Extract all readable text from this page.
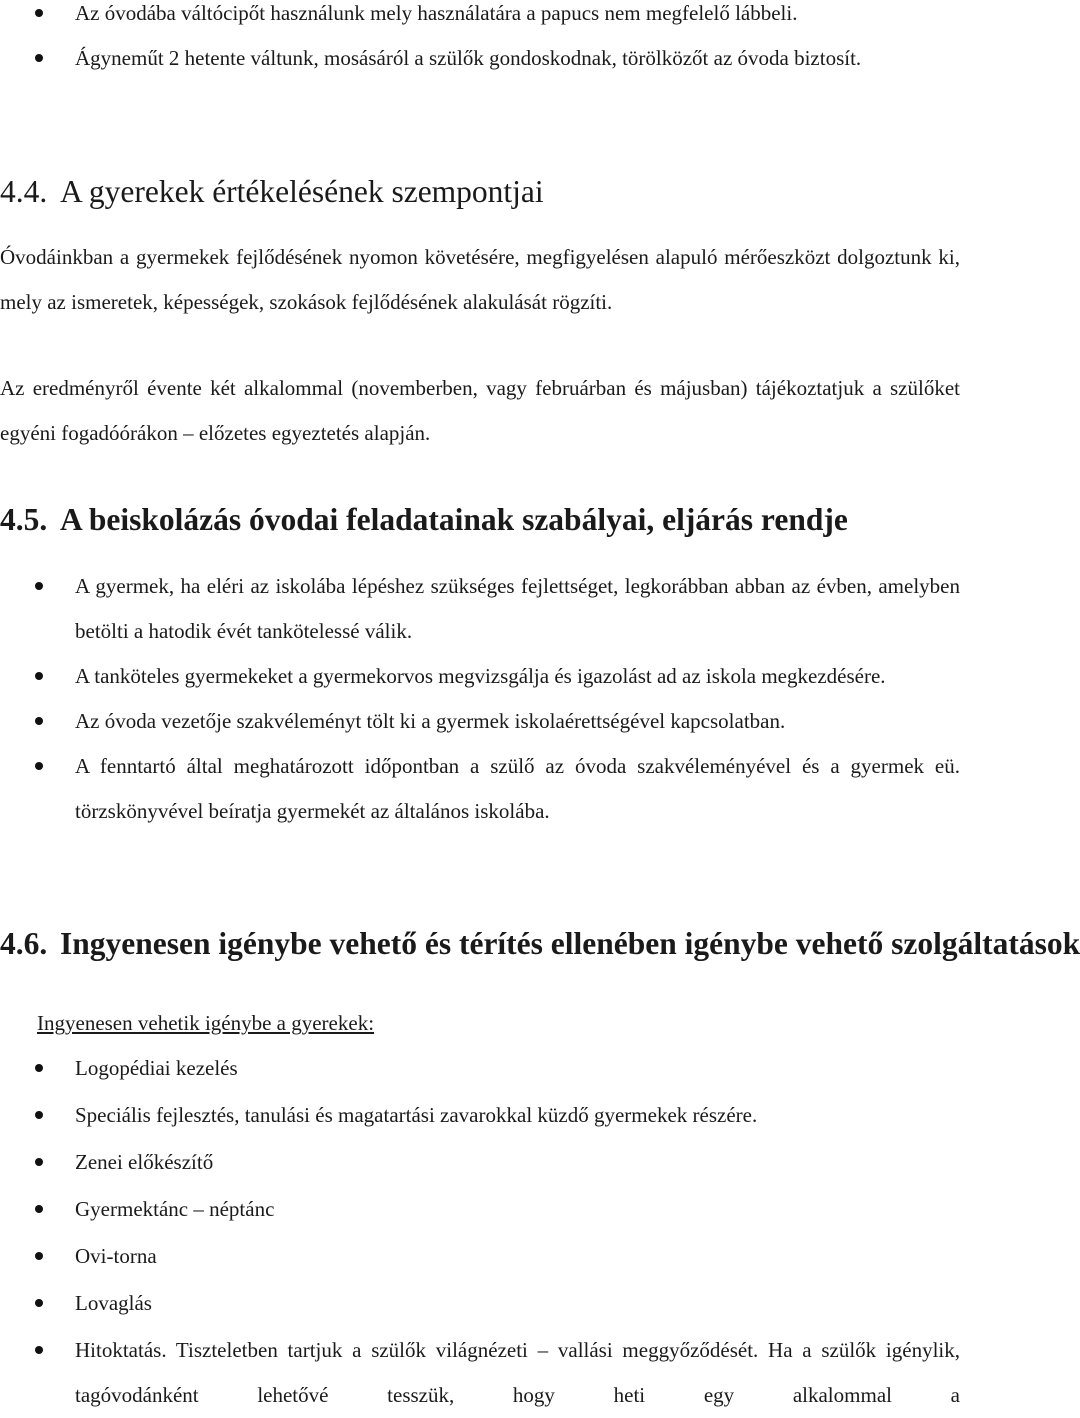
Az óvodába váltócipőt használunk mely használatára a papucs nem megfelelő lábbeli.
Ágyneműt 2 hetente váltunk, mosásáról a szülők gondoskodnak, törölközőt az óvoda biztosít.
4.4. A gyerekek értékelésének szempontjai

Óvodáinkban a gyermekek fejlődésének nyomon követésére, megfigyelésen alapuló mérőeszközt dolgoztunk ki, mely az ismeretek, képességek, szokások fejlődésének alakulását rögzíti.

Az eredményről évente két alkalommal (novemberben, vagy februárban és májusban) tájékoztatjuk a szülőket egyéni fogadóórákon – előzetes egyeztetés alapján.

4.5. A beiskolázás óvodai feladatainak szabályai, eljárás rendje
A gyermek, ha eléri az iskolába lépéshez szükséges fejlettséget, legkorábban abban az évben, amelyben betölti a hatodik évét tankötelessé válik.
A tanköteles gyermekeket a gyermekorvos megvizsgálja és igazolást ad az iskola megkezdésére.
Az óvoda vezetője szakvéleményt tölt ki a gyermek iskolaérettségével kapcsolatban.
A fenntartó által meghatározott időpontban a szülő az óvoda szakvéleményével és a gyermek eü. törzskönyvével beíratja gyermekét az általános iskolába.
4.6. Ingyenesen igénybe vehető és térítés ellenében igénybe vehető szolgáltatások

Ingyenesen vehetik igénybe a gyerekek:

Logopédiai kezelés
Speciális fejlesztés, tanulási és magatartási zavarokkal küzdő gyermekek részére.
Zenei előkészítő
Gyermektánc – néptánc
Ovi-torna
Lovaglás
Hitoktatás. Tiszteletben tartjuk a szülők világnézeti – vallási meggyőződését. Ha a szülők igénylik, tagóvodánként lehetővé tesszük, hogy heti egy alkalommal a
